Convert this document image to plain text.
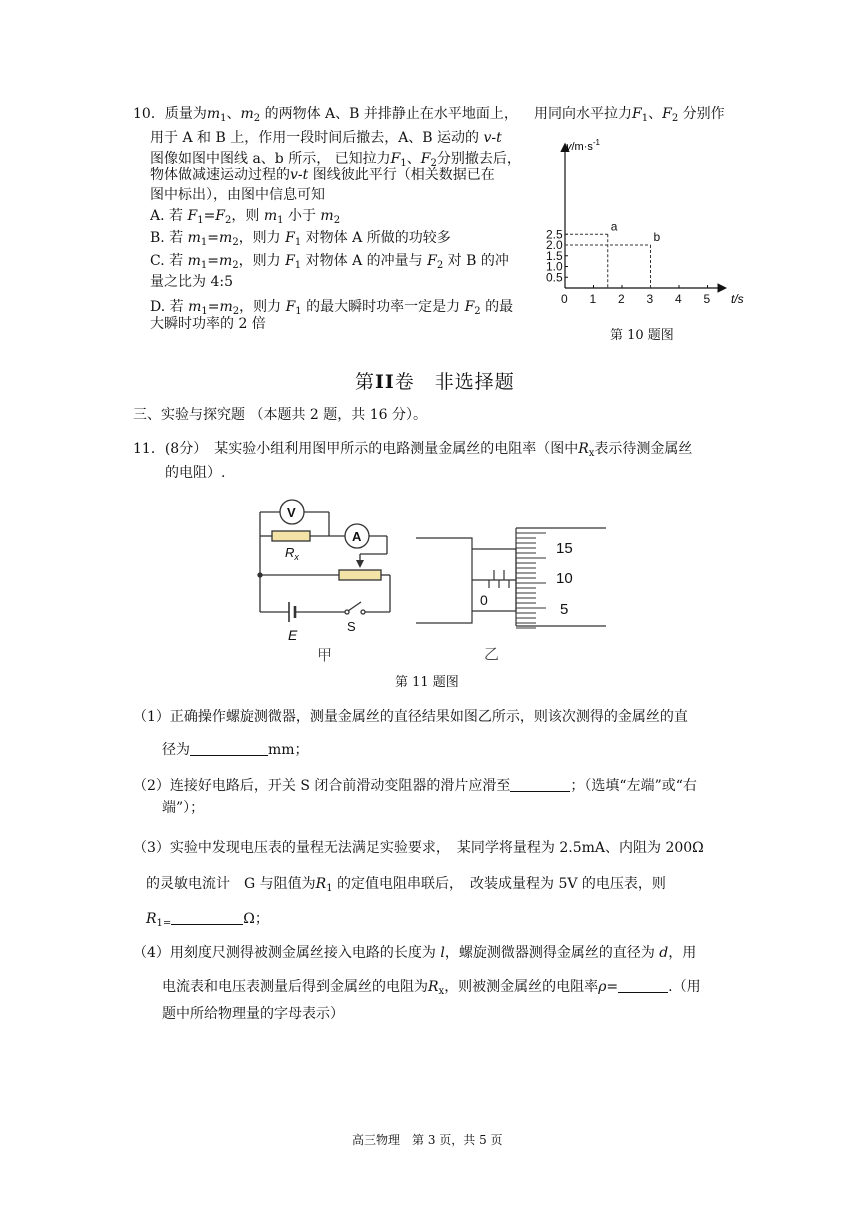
10．质量为$m_1$、$m_2$ 的两物体 A、B 并排静止在水平地面上， 用同向水平拉力$F_1$、$F_2$ 分别作
用于 A 和 B 上，作用一段时间后撤去，A、B 运动的 v-t
图像如图中图线 a、b 所示， 已知拉力$F_1$、$F_2$分别撤去后，
物体做减速运动过程的v-t 图线彼此平行（相关数据已在
图中标出），由图中信息可知
A. 若 $F_1=F_2$，则 $m_1$ 小于 $m_2$
B. 若 $m_1=m_2$，则力 $F_1$ 对物体 A 所做的功较多
C. 若 $m_1=m_2$，则力 $F_1$ 对物体 A 的冲量与 $F_2$ 对 B 的冲
量之比为 4:5
D. 若 $m_1=m_2$，则力 $F_1$ 的最大瞬时功率一定是力 $F_2$ 的最
大瞬时功率的 2 倍
0 1 2 3 4 5
0.5
1.0
1.5
2.0
2.5
a
b
$v/m\cdot s^{-1}$
t/s
第 10 题图
第II卷　非选择题
三、实验与探究题 （本题共 2 题，共 16 分）。
11．(8分）　 某实验小组利用图甲所示的电路测量金属丝的电阻率（图中$R_x$表示待测金属丝
的电阻）.
V
$R_x$
A
E
S
甲
15
10
5
0
乙
第 11 题图
（1）正确操作螺旋测微器，测量金属丝的直径结果如图乙所示，则该次测得的金属丝的直
径为	mm；
（2）连接好电路后，开关 S 闭合前滑动变阻器的滑片应滑至	；（选填“左端”或“右
端”）；
（3）实验中发现电压表的量程无法满足实验要求，　某同学将量程为 2.5mA、内阻为 200Ω
的灵敏电流计　G 与阻值为$R_1$ 的定值电阻串联后，　改装成量程为 5V 的电压表，则
$R_{1=}$	Ω；
（4）用刻度尺测得被测金属丝接入电路的长度为 l，螺旋测微器测得金属丝的直径为 d，用
电流表和电压表测量后得到金属丝的电阻为$R_x$，则被测金属丝的电阻率ρ=	.（用
题中所给物理量的字母表示）
高三物理　第 3 页，共 5 页
